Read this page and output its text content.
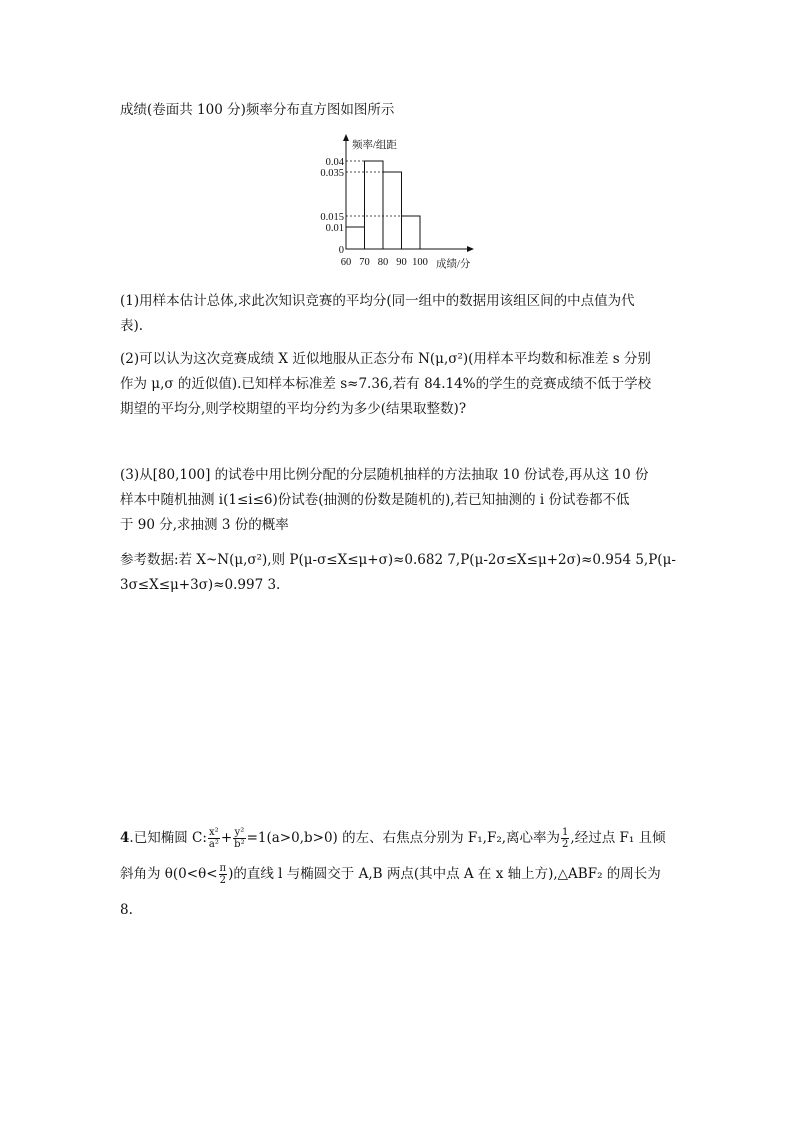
成绩(卷面共 100 分)频率分布直方图如图所示
频率/组距
成绩/分
0.04
0.035
0.015
0.01
0
60 70 80 90 100
(1)用样本估计总体,求此次知识竞赛的平均分(同一组中的数据用该组区间的中点值为代
表).
(2)可以认为这次竞赛成绩 X 近似地服从正态分布 N(μ,σ²)(用样本平均数和标准差 s 分别
作为 μ,σ 的近似值).已知样本标准差 s≈7.36,若有 84.14%的学生的竞赛成绩不低于学校
期望的平均分,则学校期望的平均分约为多少(结果取整数)?
(3)从[80,100] 的试卷中用比例分配的分层随机抽样的方法抽取 10 份试卷,再从这 10 份
样本中随机抽测 i(1≤i≤6)份试卷(抽测的份数是随机的),若已知抽测的 i 份试卷都不低
于 90 分,求抽测 3 份的概率
参考数据:若 X~N(μ,σ²),则 P(μ-σ≤X≤μ+σ)≈0.682 7,P(μ-2σ≤X≤μ+2σ)≈0.954 5,P(μ-
3σ≤X≤μ+3σ)≈0.997 3.
4.已知椭圆 C: $\frac{\text{x²}}{\text{a²}} + \frac{\text{y²}}{\text{b²}} =1(a>0,b>0)$ 的左、右焦点分别为 F₁,F₂,离心率为 $\frac{1}{2}$ ,经过点 F₁ 且倾
斜角为 $\theta(0<\theta< \frac{\pi}{2}$ )的直线 l 与椭圆交于 A,B 两点(其中点 A 在 x 轴上方),△ABF₂ 的周长为
8.
